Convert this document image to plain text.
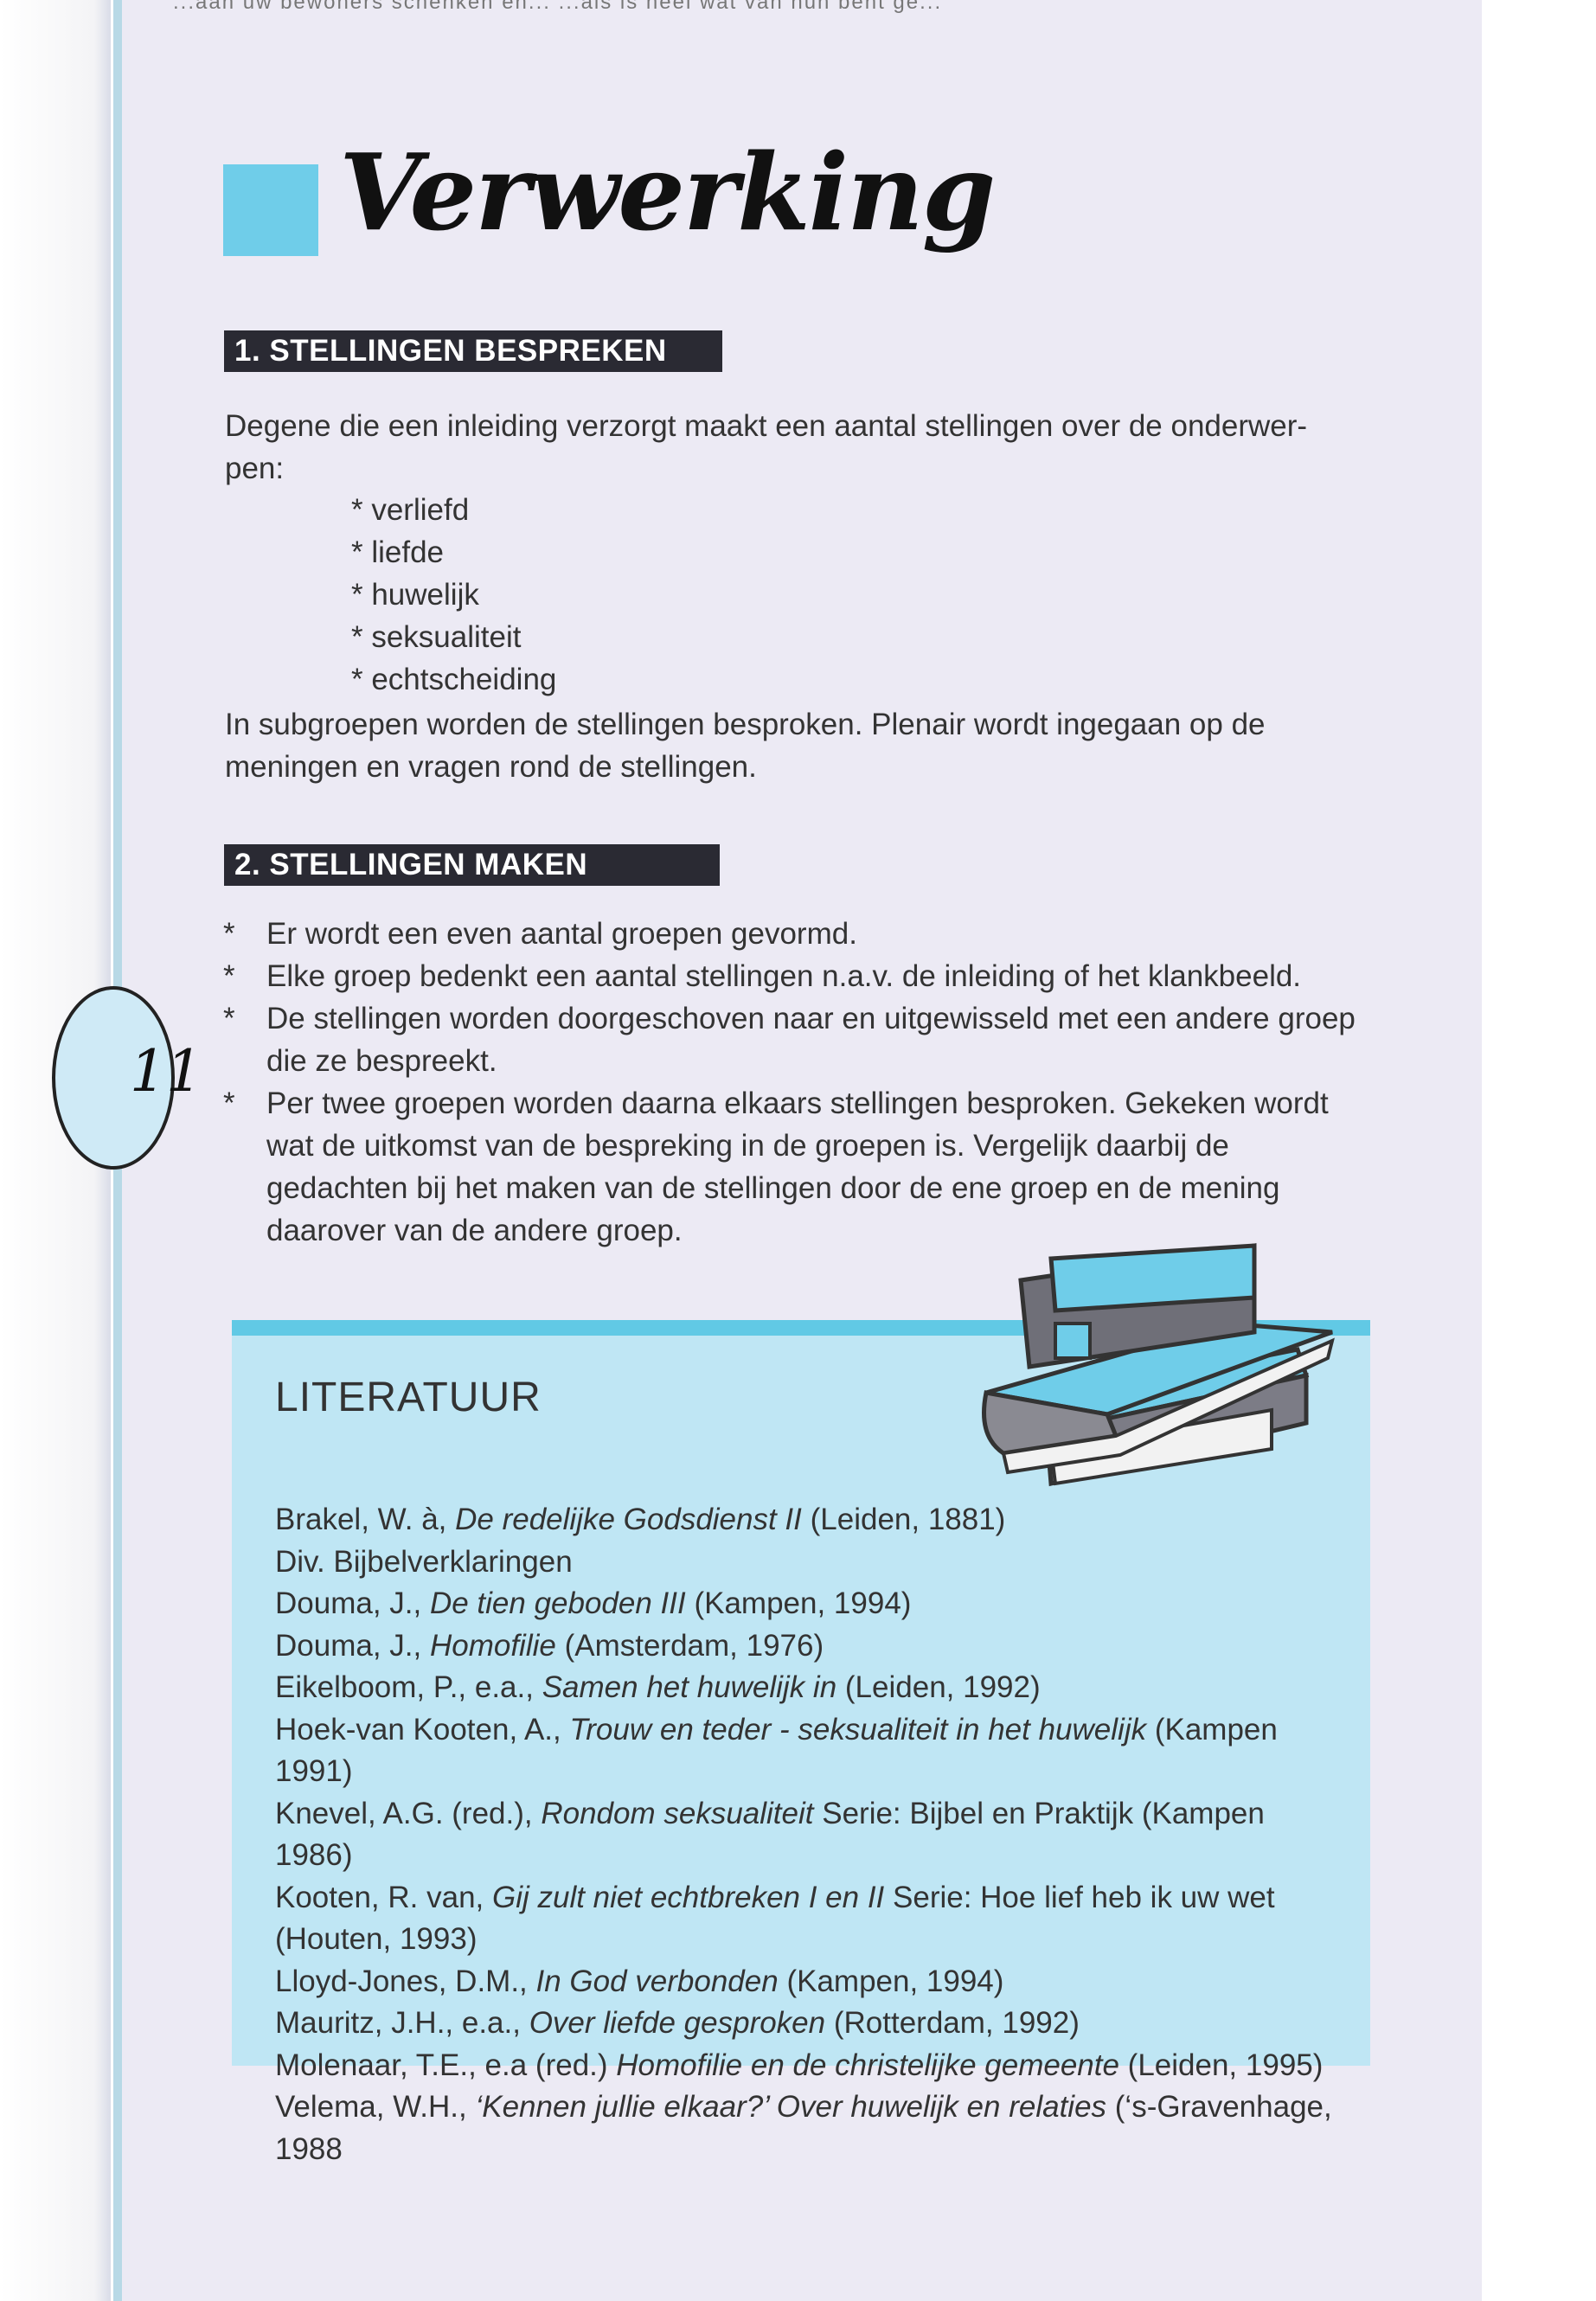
11
Verwerking
1. STELLINGEN BESPREKEN
Degene die een inleiding verzorgt maakt een aantal stellingen over de onderwer-pen:
* verliefd
* liefde
* huwelijk
* seksualiteit
* echtscheiding
In subgroepen worden de stellingen besproken. Plenair wordt ingegaan op de meningen en vragen rond de stellingen.
2. STELLINGEN MAKEN
* Er wordt een even aantal groepen gevormd.
* Elke groep bedenkt een aantal stellingen n.a.v. de inleiding of het klankbeeld.
* De stellingen worden doorgeschoven naar en uitgewisseld met een andere groep die ze bespreekt.
* Per twee groepen worden daarna elkaars stellingen besproken. Gekeken wordt wat de uitkomst van de bespreking in de groepen is. Vergelijk daarbij de gedachten bij het maken van de stellingen door de ene groep en de mening daarover van de andere groep.
LITERATUUR
Brakel, W. à, De redelijke Godsdienst II (Leiden, 1881)
Div. Bijbelverklaringen
Douma, J., De tien geboden III (Kampen, 1994)
Douma, J., Homofilie (Amsterdam, 1976)
Eikelboom, P., e.a., Samen het huwelijk in (Leiden, 1992)
Hoek-van Kooten, A., Trouw en teder - seksualiteit in het huwelijk (Kampen 1991)
Knevel, A.G. (red.), Rondom seksualiteit Serie: Bijbel en Praktijk (Kampen 1986)
Kooten, R. van, Gij zult niet echtbreken I en II Serie: Hoe lief heb ik uw wet (Houten, 1993)
Lloyd-Jones, D.M., In God verbonden (Kampen, 1994)
Mauritz, J.H., e.a., Over liefde gesproken (Rotterdam, 1992)
Molenaar, T.E., e.a (red.) Homofilie en de christelijke gemeente (Leiden, 1995)
Velema, W.H., ‘Kennen jullie elkaar?’ Over huwelijk en relaties (‘s-Gravenhage, 1988
